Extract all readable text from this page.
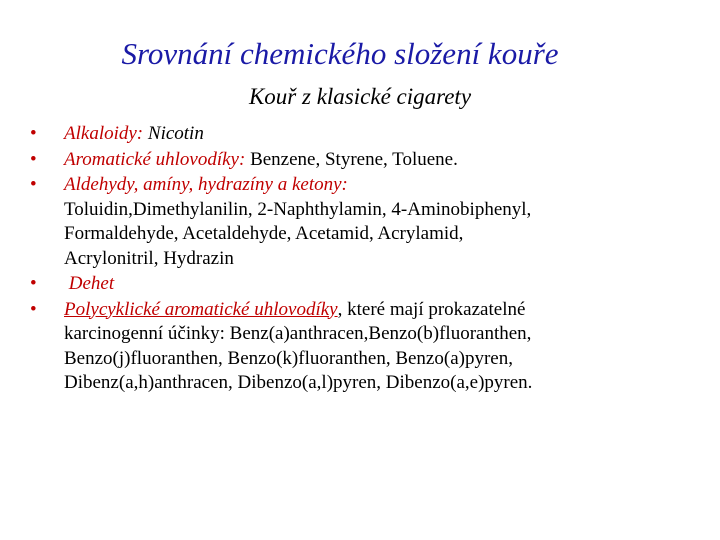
Srovnání chemického složení kouře
Kouř z klasické cigarety
• Alkaloidy: Nicotin
• Aromatické uhlovodíky: Benzene, Styrene, Toluene.
• Aldehydy, amíny, hydrazíny a ketony:
Toluidin,Dimethylanilin, 2-Naphthylamin, 4-Aminobiphenyl,
Formaldehyde, Acetaldehyde, Acetamid, Acrylamid,
Acrylonitril, Hydrazin
• Dehet
• Polycyklické aromatické uhlovodíky, které mají prokazatelné
karcinogenní účinky: Benz(a)anthracen,Benzo(b)fluoranthen,
Benzo(j)fluoranthen, Benzo(k)fluoranthen, Benzo(a)pyren,
Dibenz(a,h)anthracen, Dibenzo(a,l)pyren, Dibenzo(a,e)pyren.
